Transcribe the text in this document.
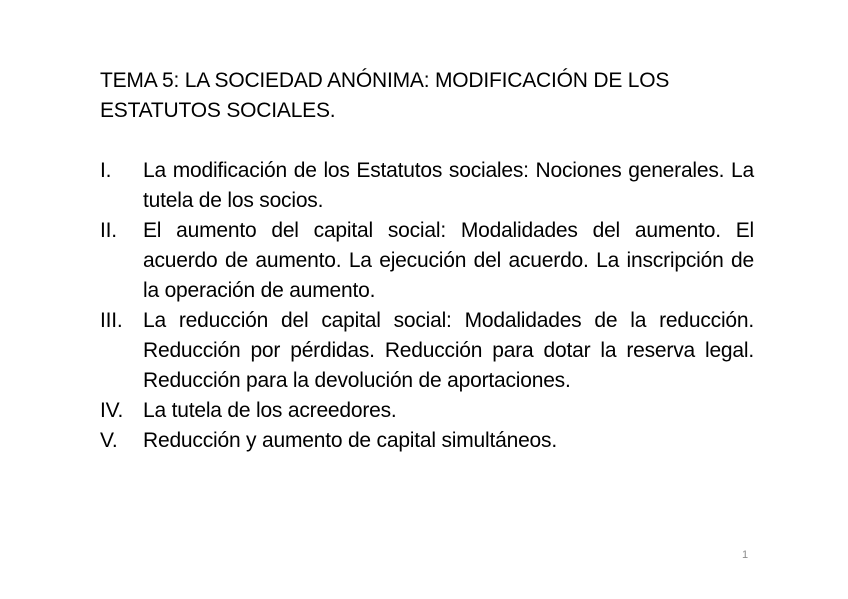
TEMA 5: LA SOCIEDAD ANÓNIMA: MODIFICACIÓN DE LOS
ESTATUTOS SOCIALES.
I. La modificación de los Estatutos sociales: Nociones generales. La tutela de los socios.
II. El aumento del capital social: Modalidades del aumento. El acuerdo de aumento. La ejecución del acuerdo. La inscripción de la operación de aumento.
III. La reducción del capital social: Modalidades de la reducción. Reducción por pérdidas. Reducción para dotar la reserva legal. Reducción para la devolución de aportaciones.
IV. La tutela de los acreedores.
V. Reducción y aumento de capital simultáneos.
1
